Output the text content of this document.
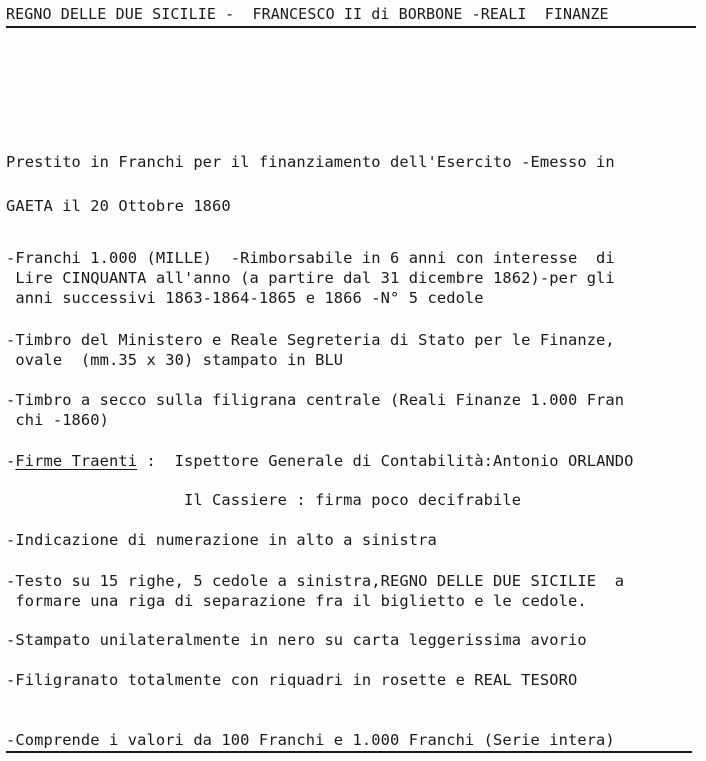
REGNO DELLE DUE SICILIE -  FRANCESCO II di BORBONE -REALI  FINANZE
Prestito in Franchi per il finanziamento dell'Esercito -Emesso in
GAETA il 20 Ottobre 1860
-Franchi 1.000 (MILLE)  -Rimborsabile in 6 anni con interesse  di
Lire CINQUANTA all'anno (a partire dal 31 dicembre 1862)-per gli
anni successivi 1863-1864-1865 e 1866 -N° 5 cedole
-Timbro del Ministero e Reale Segreteria di Stato per le Finanze,
ovale  (mm.35 x 30) stampato in BLU
-Timbro a secco sulla filigrana centrale (Reali Finanze 1.000 Fran
chi -1860)
-Firme Traenti :  Ispettore Generale di Contabilità:Antonio ORLANDO
Il Cassiere : firma poco decifrabile
-Indicazione di numerazione in alto a sinistra
-Testo su 15 righe, 5 cedole a sinistra,REGNO DELLE DUE SICILIE  a
formare una riga di separazione fra il biglietto e le cedole.
-Stampato unilateralmente in nero su carta leggerissima avorio
-Filigranato totalmente con riquadri in rosette e REAL TESORO
-Comprende i valori da 100 Franchi e 1.000 Franchi (Serie intera)
